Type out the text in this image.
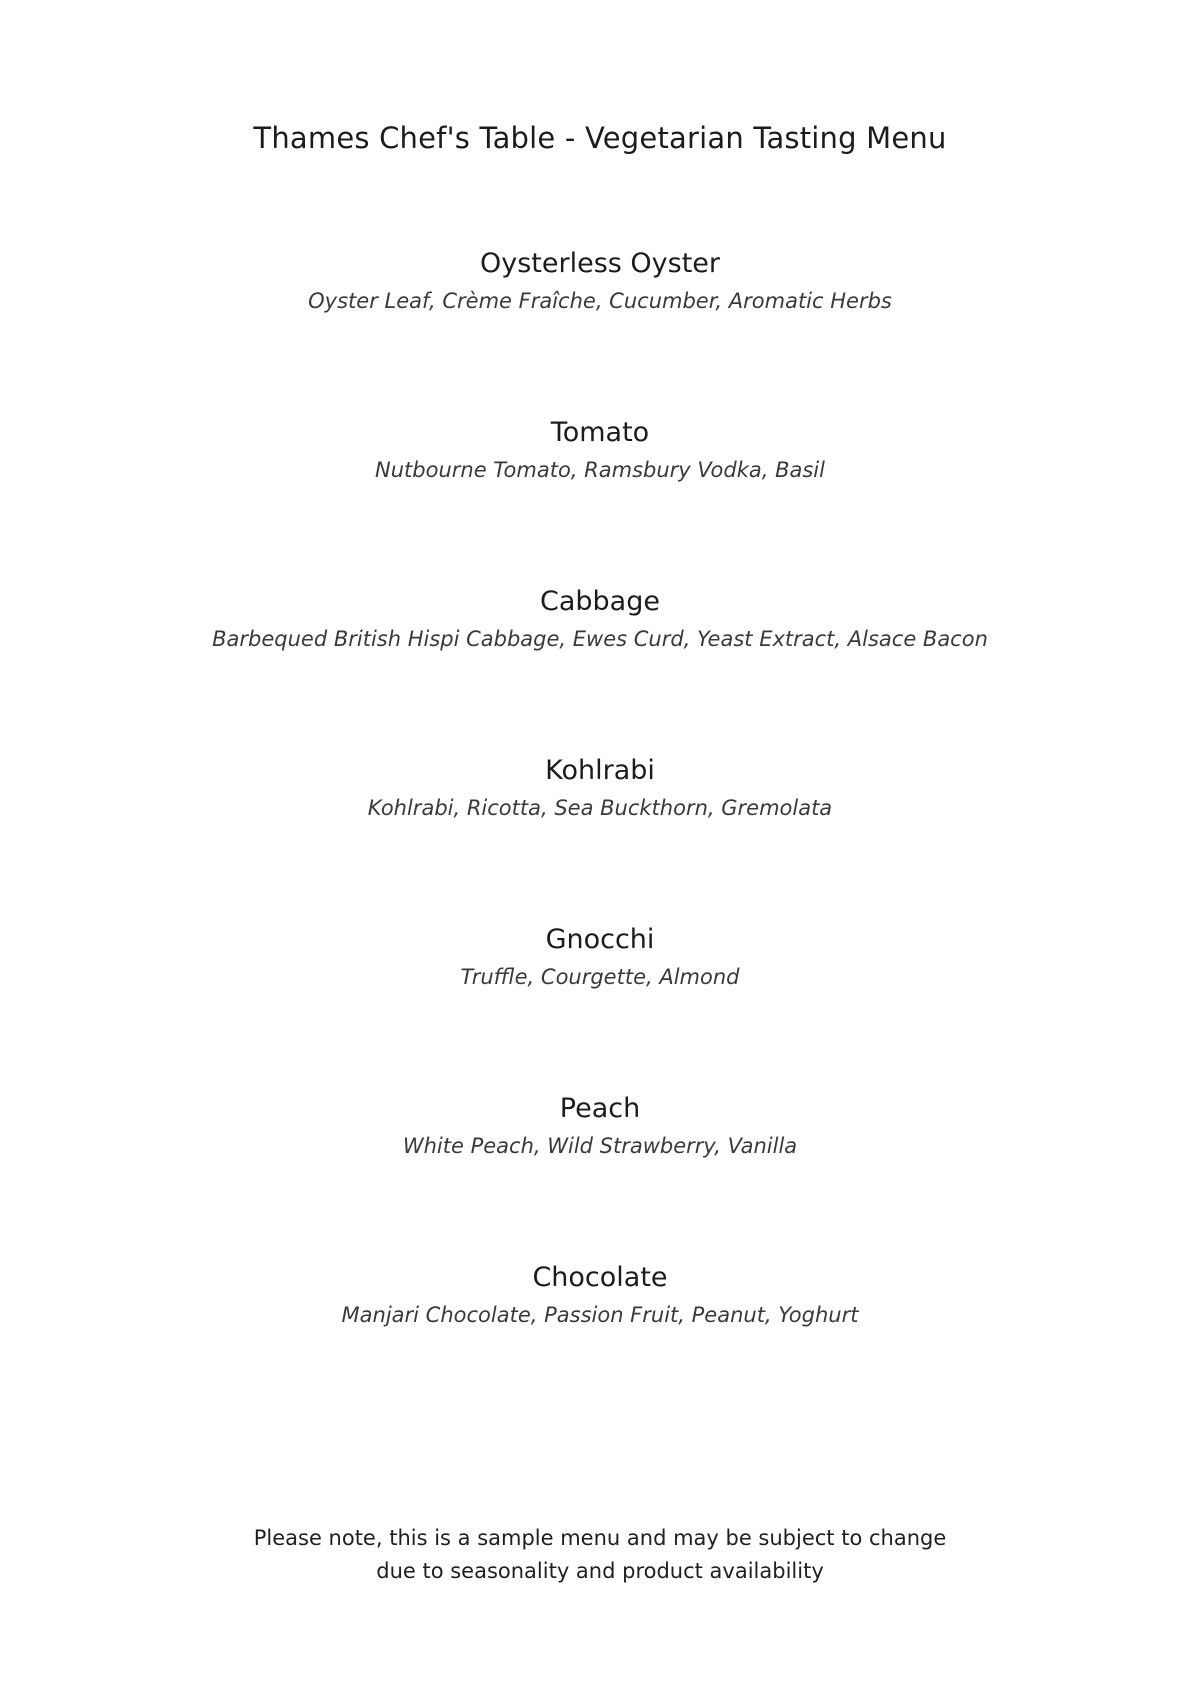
Thames Chef's Table - Vegetarian Tasting Menu
Oysterless Oyster
Oyster Leaf, Crème Fraîche, Cucumber, Aromatic Herbs
Tomato
Nutbourne Tomato, Ramsbury Vodka, Basil
Cabbage
Barbequed British Hispi Cabbage, Ewes Curd, Yeast Extract, Alsace Bacon
Kohlrabi
Kohlrabi, Ricotta, Sea Buckthorn, Gremolata
Gnocchi
Truffle, Courgette, Almond
Peach
White Peach, Wild Strawberry, Vanilla
Chocolate
Manjari Chocolate, Passion Fruit, Peanut, Yoghurt

Please note, this is a sample menu and may be subject to change

due to seasonality and product availability
